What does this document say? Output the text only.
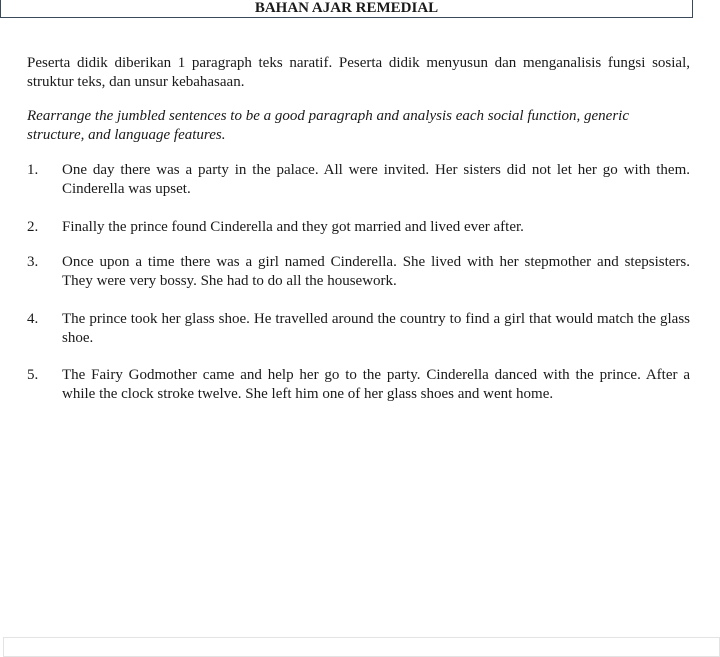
BAHAN AJAR REMEDIAL

Peserta didik diberikan 1 paragraph teks naratif. Peserta didik menyusun dan menganalisis fungsi sosial, struktur teks, dan unsur kebahasaan.

Rearrange the jumbled sentences to be a good paragraph and analysis each social function, generic structure, and language features.

1. One day there was a party in the palace. All were invited. Her sisters did not let her go with them. Cinderella was upset.
2. Finally the prince found Cinderella and they got married and lived ever after.
3. Once upon a time there was a girl named Cinderella. She lived with her stepmother and stepsisters. They were very bossy. She had to do all the housework.
4. The prince took her glass shoe. He travelled around the country to find a girl that would match the glass shoe.
5. The Fairy Godmother came and help her go to the party. Cinderella danced with the prince. After a while the clock stroke twelve. She left him one of her glass shoes and went home.
